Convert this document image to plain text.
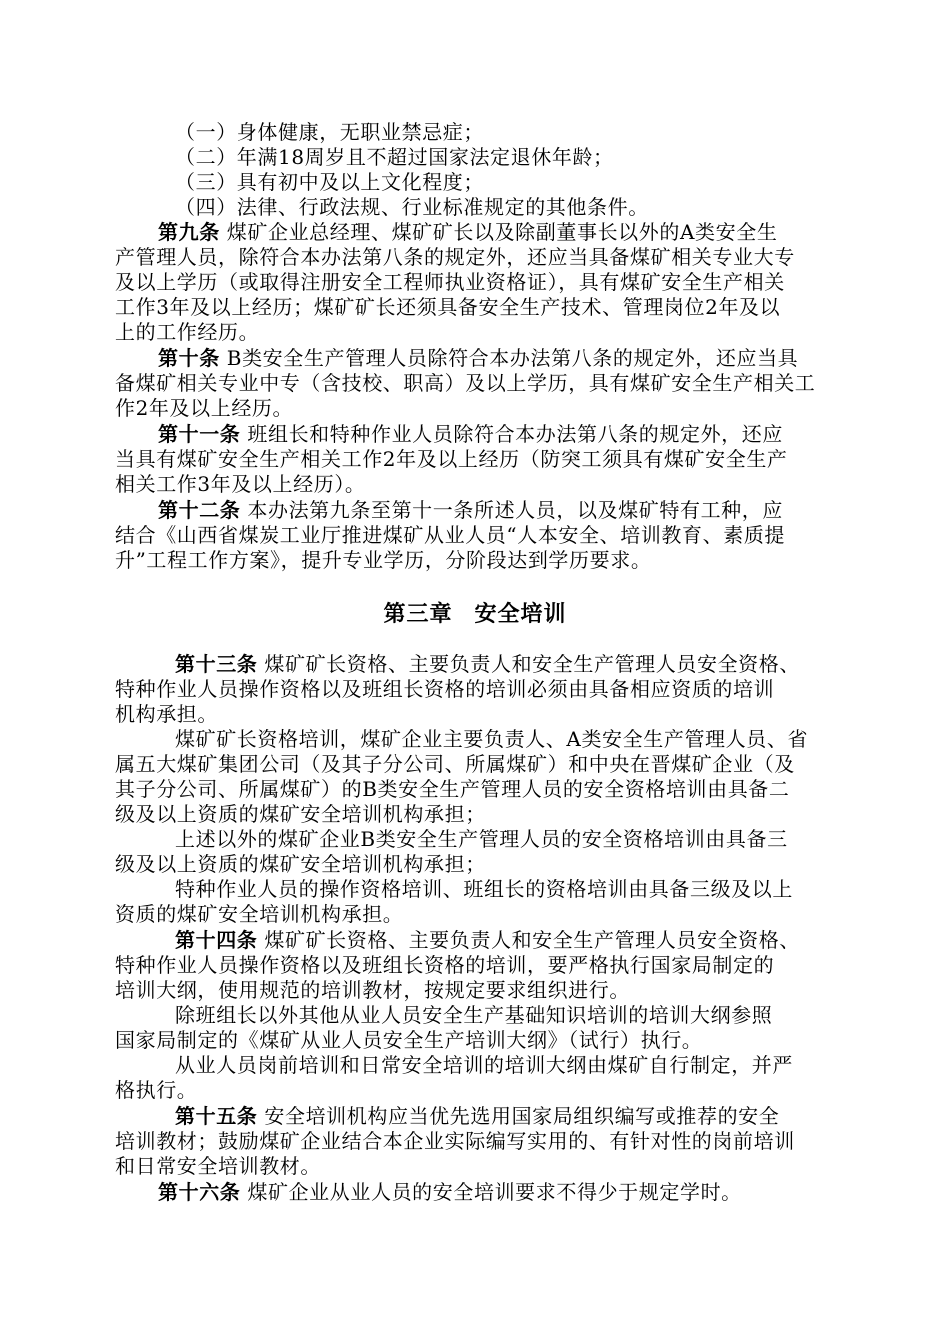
（一）身体健康，无职业禁忌症；
（二）年满18周岁且不超过国家法定退休年龄；
（三）具有初中及以上文化程度；
（四）法律、行政法规、行业标准规定的其他条件。
第九条 煤矿企业总经理、煤矿矿长以及除副董事长以外的A类安全生
产管理人员，除符合本办法第八条的规定外，还应当具备煤矿相关专业大专
及以上学历（或取得注册安全工程师执业资格证），具有煤矿安全生产相关
工作3年及以上经历；煤矿矿长还须具备安全生产技术、管理岗位2年及以
上的工作经历。
第十条 B类安全生产管理人员除符合本办法第八条的规定外，还应当具
备煤矿相关专业中专（含技校、职高）及以上学历，具有煤矿安全生产相关工
作2年及以上经历。
第十一条 班组长和特种作业人员除符合本办法第八条的规定外，还应
当具有煤矿安全生产相关工作2年及以上经历（防突工须具有煤矿安全生产
相关工作3年及以上经历）。
第十二条 本办法第九条至第十一条所述人员，以及煤矿特有工种，应
结合《山西省煤炭工业厅推进煤矿从业人员“人本安全、培训教育、素质提
升”工程工作方案》，提升专业学历，分阶段达到学历要求。
第三章 安全培训
第十三条 煤矿矿长资格、主要负责人和安全生产管理人员安全资格、
特种作业人员操作资格以及班组长资格的培训必须由具备相应资质的培训
机构承担。
煤矿矿长资格培训，煤矿企业主要负责人、A类安全生产管理人员、省
属五大煤矿集团公司（及其子分公司、所属煤矿）和中央在晋煤矿企业（及
其子分公司、所属煤矿）的B类安全生产管理人员的安全资格培训由具备二
级及以上资质的煤矿安全培训机构承担；
上述以外的煤矿企业B类安全生产管理人员的安全资格培训由具备三
级及以上资质的煤矿安全培训机构承担；
特种作业人员的操作资格培训、班组长的资格培训由具备三级及以上
资质的煤矿安全培训机构承担。
第十四条 煤矿矿长资格、主要负责人和安全生产管理人员安全资格、
特种作业人员操作资格以及班组长资格的培训，要严格执行国家局制定的
培训大纲，使用规范的培训教材，按规定要求组织进行。
除班组长以外其他从业人员安全生产基础知识培训的培训大纲参照
国家局制定的《煤矿从业人员安全生产培训大纲》（试行）执行。
从业人员岗前培训和日常安全培训的培训大纲由煤矿自行制定，并严
格执行。
第十五条 安全培训机构应当优先选用国家局组织编写或推荐的安全
培训教材；鼓励煤矿企业结合本企业实际编写实用的、有针对性的岗前培训
和日常安全培训教材。
第十六条 煤矿企业从业人员的安全培训要求不得少于规定学时。
